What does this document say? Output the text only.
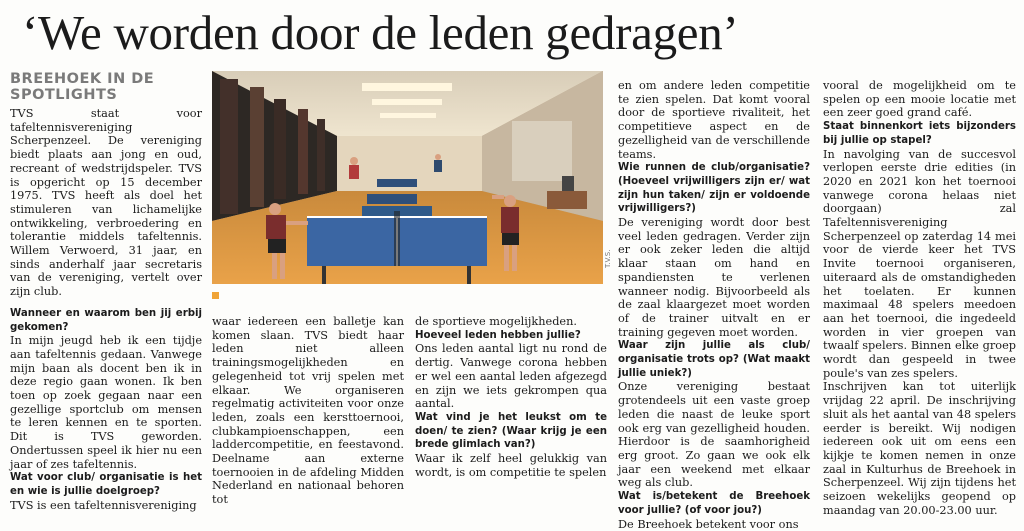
‘We worden door de leden gedragen’
BREEHOEK IN DE SPOTLIGHTS

TVS staat voor tafeltennisvereniging Scherpenzeel. De vereniging biedt plaats aan jong en oud, recreant of wedstrijdspeler. TVS is opgericht op 15 december 1975. TVS heeft als doel het stimuleren van lichamelijke ontwikkeling, verbroedering en tolerantie middels tafeltennis. Willem Verwoerd, 31 jaar, en sinds anderhalf jaar secretaris van de vereniging, vertelt over zijn club.

Wanneer en waarom ben jij erbij gekomen?

In mijn jeugd heb ik een tijdje aan tafeltennis gedaan. Vanwege mijn baan als docent ben ik in deze regio gaan wonen. Ik ben toen op zoek gegaan naar een gezellige sportclub om mensen te leren kennen en te sporten. Dit is TVS geworden. Ondertussen speel ik hier nu een jaar of zes tafeltennis.

Wat voor club/ organisatie is het en wie is jullie doelgroep?

TVS is een tafeltennisvereniging

T.V.S.

waar iedereen een balletje kan komen slaan. TVS biedt haar leden niet alleen trainingsmogelijkheden en gelegenheid tot vrij spelen met elkaar. We organiseren regelmatig activiteiten voor onze leden, zoals een kersttoernooi, clubkampioenschappen, een laddercompetitie, en feestavond. Deelname aan externe toernooien in de afdeling Midden Nederland en nationaal behoren tot

de sportieve mogelijkheden.

Hoeveel leden hebben jullie?

Ons leden aantal ligt nu rond de dertig. Vanwege corona hebben er wel een aantal leden afgezegd en zijn we iets gekrompen qua aantal.

Wat vind je het leukst om te doen/ te zien? (Waar krijg je een brede glimlach van?)

Waar ik zelf heel gelukkig van wordt, is om competitie te spelen

en om andere leden competitie te zien spelen. Dat komt vooral door de sportieve rivaliteit, het competitieve aspect en de gezelligheid van de verschillende teams.

Wie runnen de club/organisatie? (Hoeveel vrijwilligers zijn er/ wat zijn hun taken/ zijn er voldoende vrijwilligers?)

De vereniging wordt door best veel leden gedragen. Verder zijn er ook zeker leden die altijd klaar staan om hand en spandiensten te verlenen wanneer nodig. Bijvoorbeeld als de zaal klaargezet moet worden of de trainer uitvalt en er training gegeven moet worden.

Waar zijn jullie als club/ organisatie trots op? (Wat maakt jullie uniek?)

Onze vereniging bestaat grotendeels uit een vaste groep leden die naast de leuke sport ook erg van gezelligheid houden. Hierdoor is de saamhorigheid erg groot. Zo gaan we ook elk jaar een weekend met elkaar weg als club.

Wat is/betekent de Breehoek voor jullie? (of voor jou?)

De Breehoek betekent voor ons

vooral de mogelijkheid om te spelen op een mooie locatie met een zeer goed grand café.

Staat binnenkort iets bijzonders bij jullie op stapel?

In navolging van de succesvol verlopen eerste drie edities (in 2020 en 2021 kon het toernooi vanwege corona helaas niet doorgaan) zal Tafeltennisvereniging Scherpenzeel op zaterdag 14 mei voor de vierde keer het TVS Invite toernooi organiseren, uiteraard als de omstandigheden het toelaten. Er kunnen maximaal 48 spelers meedoen aan het toernooi, die ingedeeld worden in vier groepen van twaalf spelers. Binnen elke groep wordt dan gespeeld in twee poule's van zes spelers.

Inschrijven kan tot uiterlijk vrijdag 22 april. De inschrijving sluit als het aantal van 48 spelers eerder is bereikt. Wij nodigen iedereen ook uit om eens een kijkje te komen nemen in onze zaal in Kulturhus de Breehoek in Scherpenzeel. Wij zijn tijdens het seizoen wekelijks geopend op maandag van 20.00-23.00 uur.
